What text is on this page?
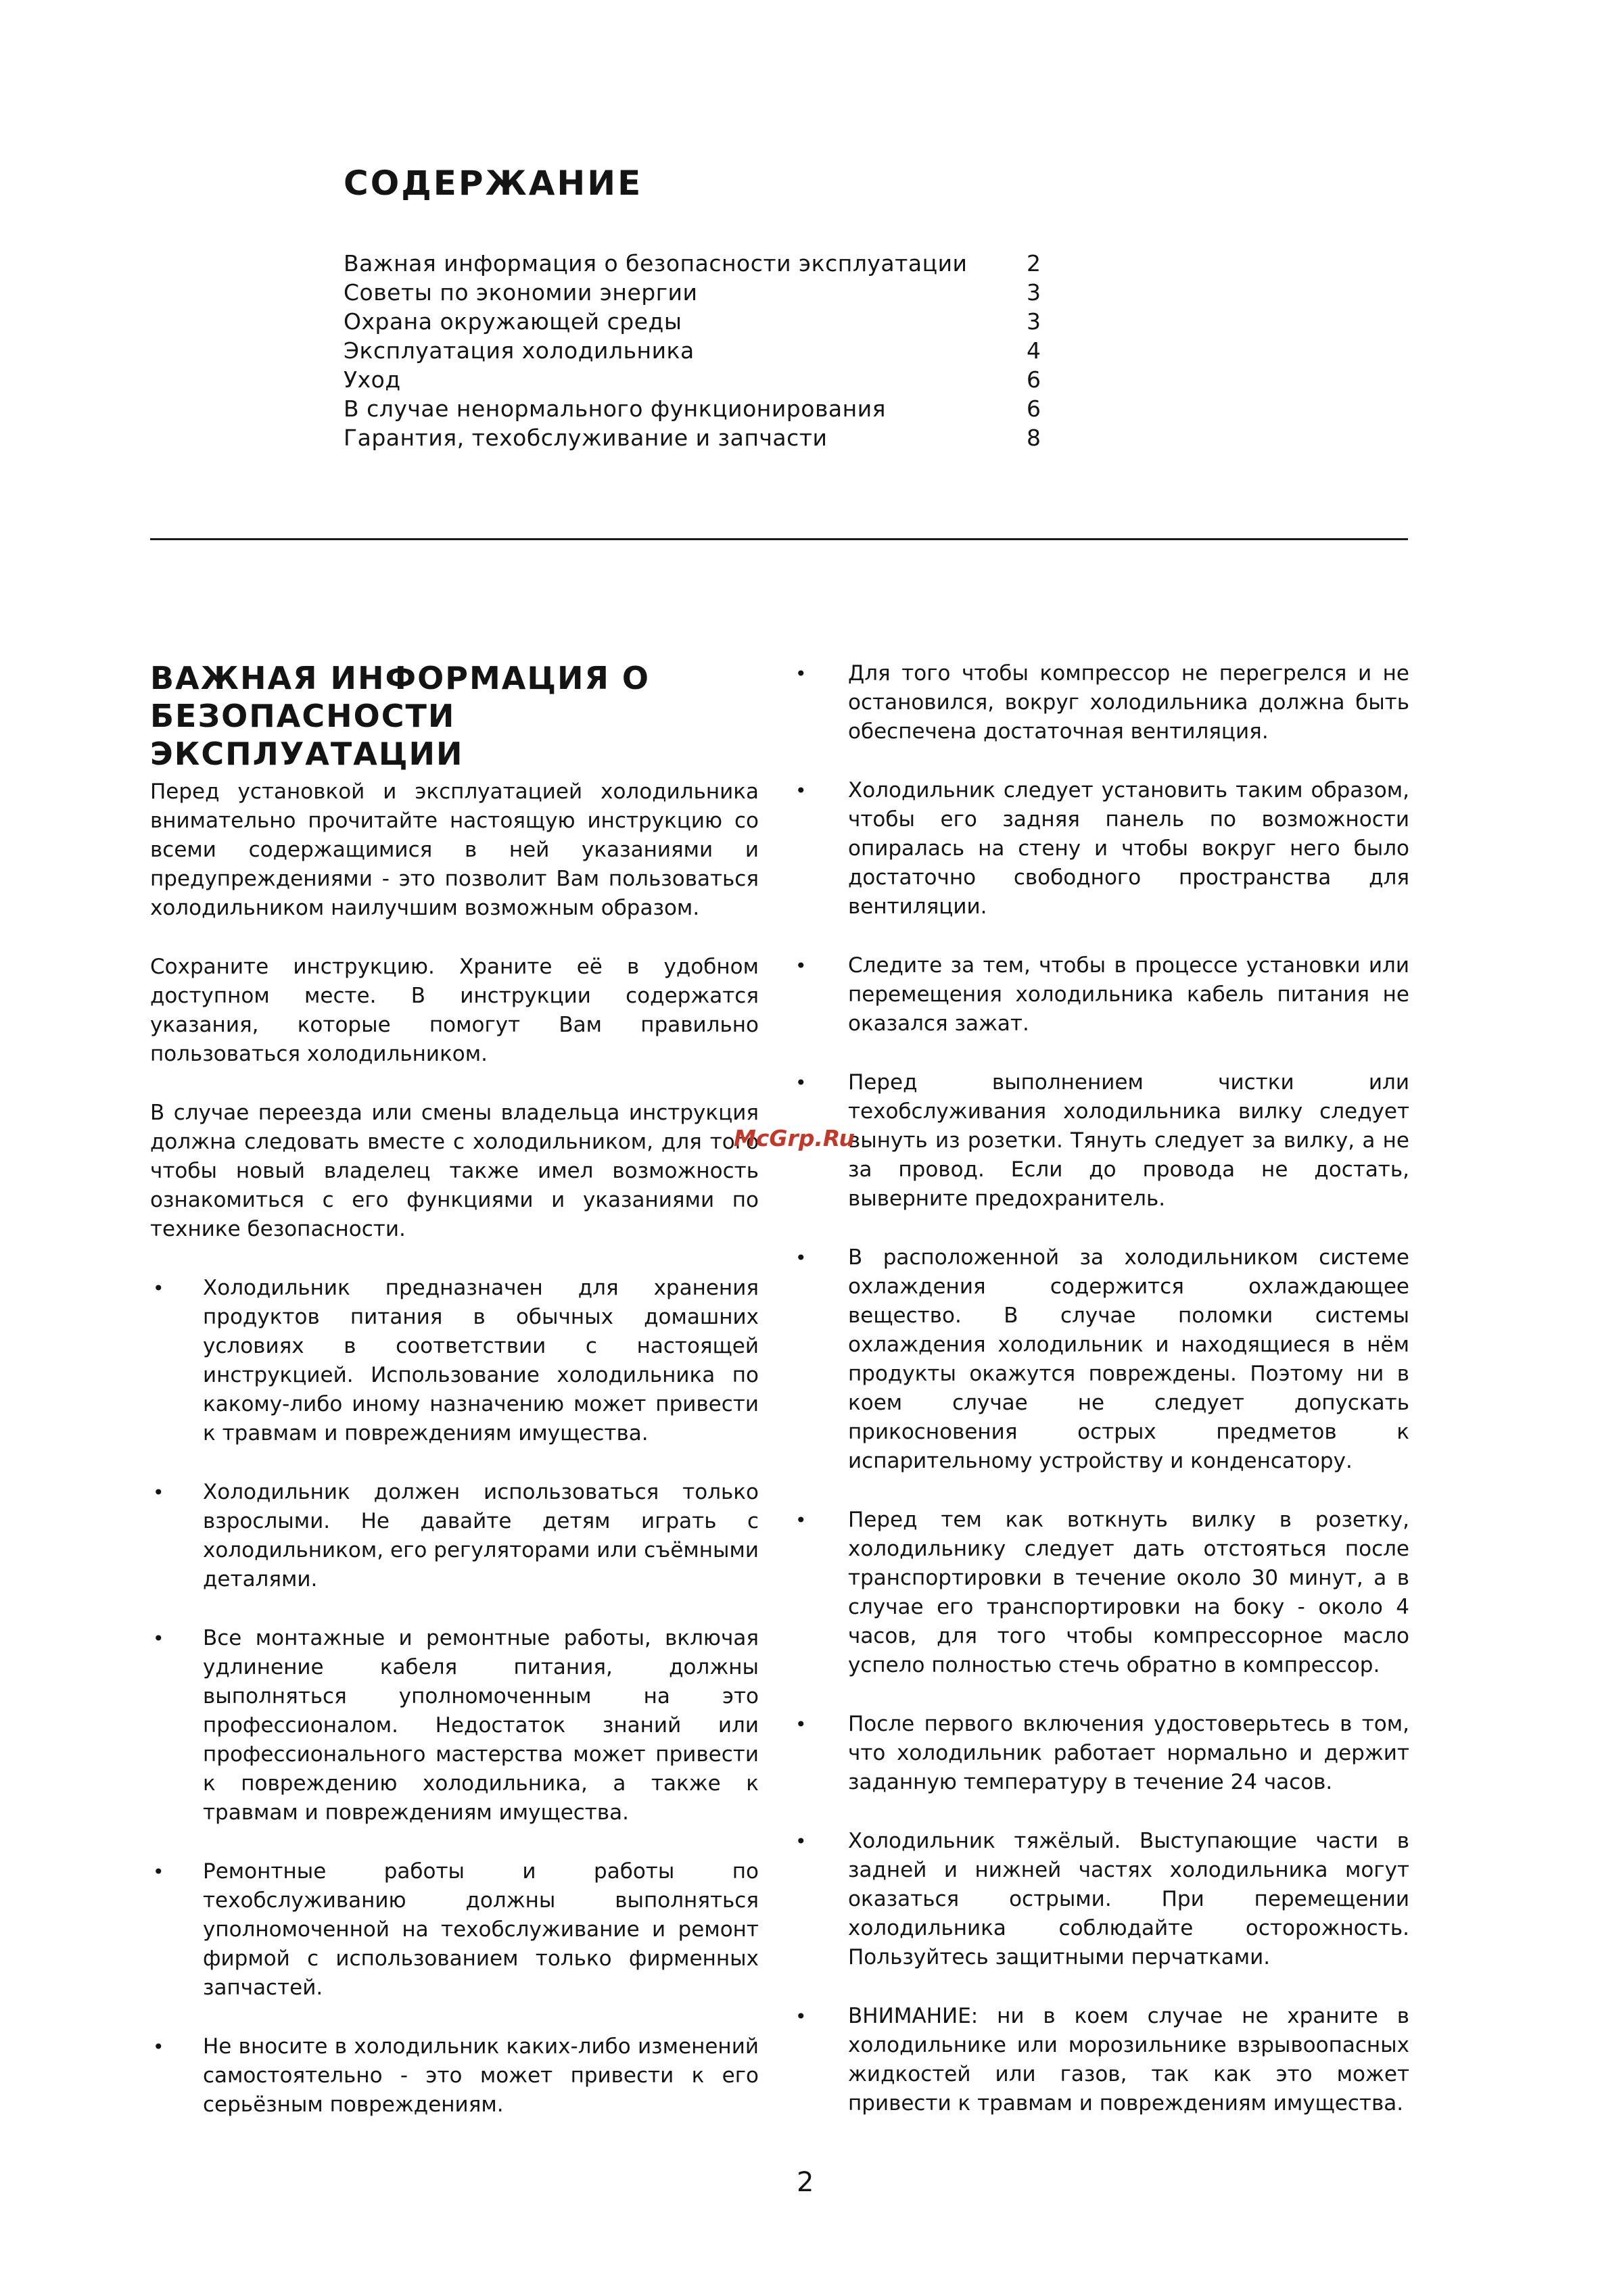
СОДЕРЖАНИЕ
Важная информация о безопасности эксплуатации	2
Советы по экономии энергии	3
Охрана окружающей среды	3
Эксплуатация холодильника	4
Уход	6
В случае ненормального функционирования	6
Гарантия, техобслуживание и запчасти	8
ВАЖНАЯ ИНФОРМАЦИЯ О БЕЗОПАСНОСТИ ЭКСПЛУАТАЦИИ

Перед установкой и эксплуатацией холодильника внимательно прочитайте настоящую инструкцию со всеми содержащимися в ней указаниями и предупреждениями - это позволит Вам пользоваться холодильником наилучшим возможным образом.

Сохраните инструкцию. Храните её в удобном доступном месте. В инструкции содержатся указания, которые помогут Вам правильно пользоваться холодильником.

В случае переезда или смены владельца инструкция должна следовать вместе с холодильником, для того чтобы новый владелец также имел возможность ознакомиться с его функциями и указаниями по технике безопасности.

• Холодильник предназначен для хранения продуктов питания в обычных домашних условиях в соответствии с настоящей инструкцией. Использование холодильника по какому-либо иному назначению может привести к травмам и повреждениям имущества.
• Холодильник должен использоваться только взрослыми. Не давайте детям играть с холодильником, его регуляторами или съёмными деталями.
• Все монтажные и ремонтные работы, включая удлинение кабеля питания, должны выполняться уполномоченным на это профессионалом. Недостаток знаний или профессионального мастерства может привести к повреждению холодильника, а также к травмам и повреждениям имущества.
• Ремонтные работы и работы по техобслуживанию должны выполняться уполномоченной на техобслуживание и ремонт фирмой с использованием только фирменных запчастей.
• Не вносите в холодильник каких-либо изменений самостоятельно - это может привести к его серьёзным повреждениям.
• Для того чтобы компрессор не перегрелся и не остановился, вокруг холодильника должна быть обеспечена достаточная вентиляция.
• Холодильник следует установить таким образом, чтобы его задняя панель по возможности опиралась на стену и чтобы вокруг него было достаточно свободного пространства для вентиляции.
• Следите за тем, чтобы в процессе установки или перемещения холодильника кабель питания не оказался зажат.
• Перед выполнением чистки или техобслуживания холодильника вилку следует вынуть из розетки. Тянуть следует за вилку, а не за провод. Если до провода не достать, выверните предохранитель.
• В расположенной за холодильником системе охлаждения содержится охлаждающее вещество. В случае поломки системы охлаждения холодильник и находящиеся в нём продукты окажутся повреждены. Поэтому ни в коем случае не следует допускать прикосновения острых предметов к испарительному устройству и конденсатору.
• Перед тем как воткнуть вилку в розетку, холодильнику следует дать отстояться после транспортировки в течение около 30 минут, а в случае его транспортировки на боку - около 4 часов, для того чтобы компрессорное масло успело полностью стечь обратно в компрессор.
• После первого включения удостоверьтесь в том, что холодильник работает нормально и держит заданную температуру в течение 24 часов.
• Холодильник тяжёлый. Выступающие части в задней и нижней частях холодильника могут оказаться острыми. При перемещении холодильника соблюдайте осторожность. Пользуйтесь защитными перчатками.
• ВНИМАНИЕ: ни в коем случае не храните в холодильнике или морозильнике взрывоопасных жидкостей или газов, так как это может привести к травмам и повреждениям имущества.
McGrp.Ru
2
